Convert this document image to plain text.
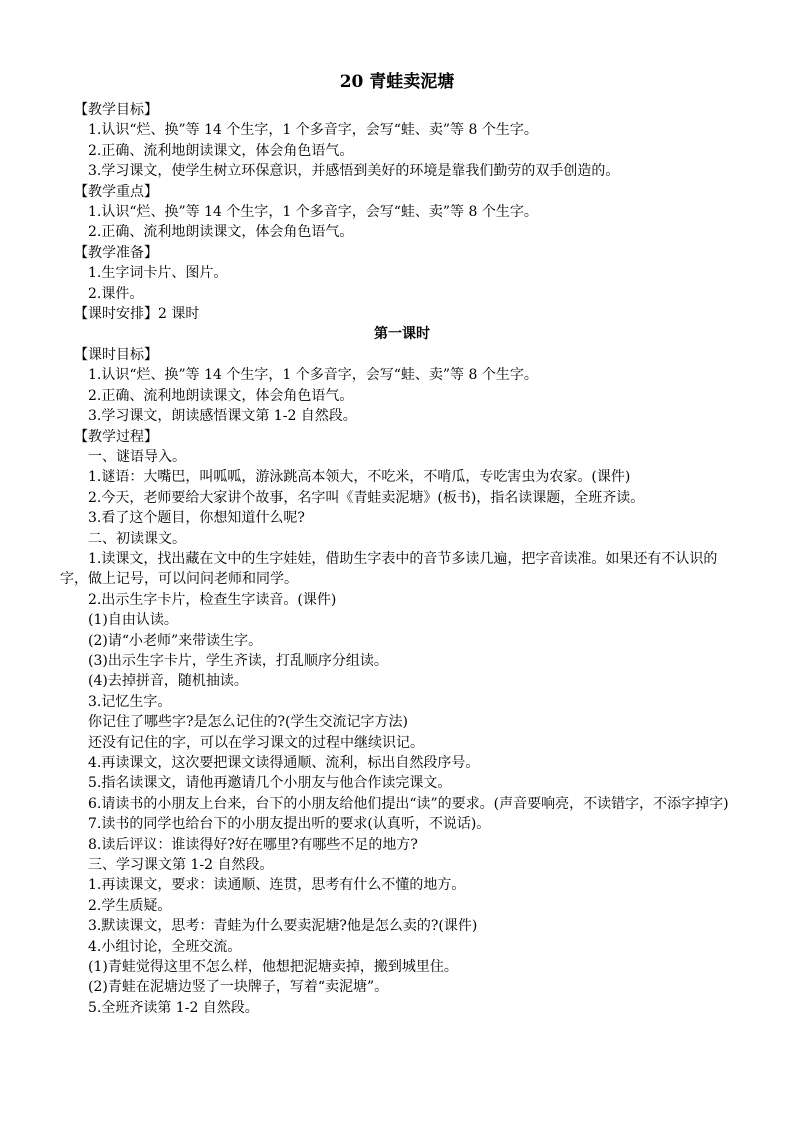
20 青蛙卖泥塘

【教学目标】

1.认识“烂、换”等 14 个生字，1 个多音字，会写“蛙、卖”等 8 个生字。

2.正确、流利地朗读课文，体会角色语气。

3.学习课文，使学生树立环保意识，并感悟到美好的环境是靠我们勤劳的双手创造的。

【教学重点】

1.认识“烂、换”等 14 个生字，1 个多音字，会写“蛙、卖”等 8 个生字。

2.正确、流利地朗读课文，体会角色语气。

【教学准备】

1.生字词卡片、图片。

2.课件。

【课时安排】2 课时

第一课时

【课时目标】

1.认识“烂、换”等 14 个生字，1 个多音字，会写“蛙、卖”等 8 个生字。

2.正确、流利地朗读课文，体会角色语气。

3.学习课文，朗读感悟课文第 1-2 自然段。

【教学过程】

一、谜语导入。

1.谜语：大嘴巴，叫呱呱，游泳跳高本领大，不吃米，不啃瓜，专吃害虫为农家。(课件)

2.今天，老师要给大家讲个故事，名字叫《青蛙卖泥塘》(板书)，指名读课题，全班齐读。

3.看了这个题目，你想知道什么呢?

二、初读课文。

1.读课文，找出藏在文中的生字娃娃，借助生字表中的音节多读几遍，把字音读准。如果还有不认识的字，做上记号，可以问问老师和同学。

2.出示生字卡片，检查生字读音。(课件)

(1)自由认读。

(2)请“小老师”来带读生字。

(3)出示生字卡片，学生齐读，打乱顺序分组读。

(4)去掉拼音，随机抽读。

3.记忆生字。

你记住了哪些字?是怎么记住的?(学生交流记字方法)

还没有记住的字，可以在学习课文的过程中继续识记。

4.再读课文，这次要把课文读得通顺、流利，标出自然段序号。

5.指名读课文，请他再邀请几个小朋友与他合作读完课文。

6.请读书的小朋友上台来，台下的小朋友给他们提出“读”的要求。(声音要响亮，不读错字，不添字掉字)

7.读书的同学也给台下的小朋友提出听的要求(认真听，不说话)。

8.读后评议：谁读得好?好在哪里?有哪些不足的地方?

三、学习课文第 1-2 自然段。

1.再读课文，要求：读通顺、连贯，思考有什么不懂的地方。

2.学生质疑。

3.默读课文，思考：青蛙为什么要卖泥塘?他是怎么卖的?(课件)

4.小组讨论，全班交流。

(1)青蛙觉得这里不怎么样，他想把泥塘卖掉，搬到城里住。

(2)青蛙在泥塘边竖了一块牌子，写着“卖泥塘”。

5.全班齐读第 1-2 自然段。
